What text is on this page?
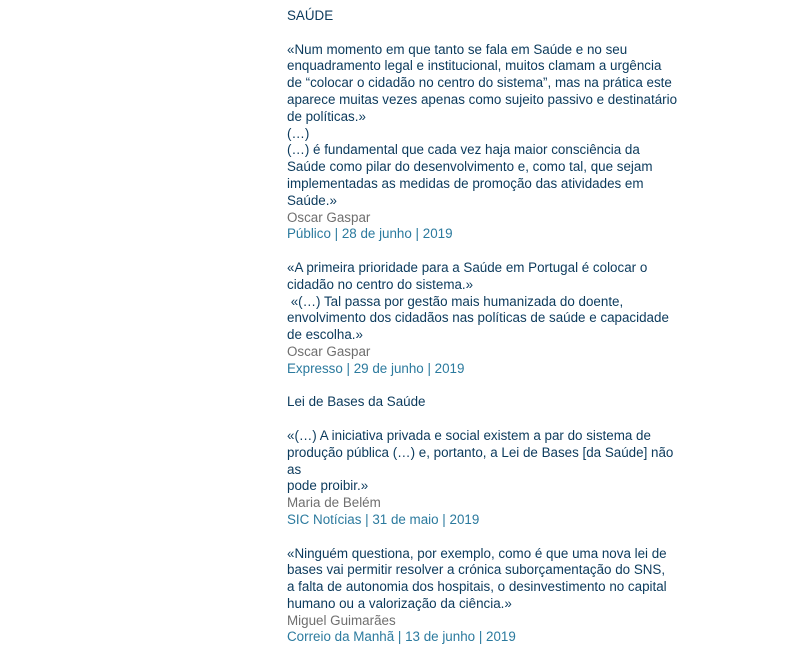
SAÚDE
«Num momento em que tanto se fala em Saúde e no seu
enquadramento legal e institucional, muitos clamam a urgência
de “colocar o cidadão no centro do sistema”, mas na prática este
aparece muitas vezes apenas como sujeito passivo e destinatário
de políticas.»
(…)
(…) é fundamental que cada vez haja maior consciência da
Saúde como pilar do desenvolvimento e, como tal, que sejam
implementadas as medidas de promoção das atividades em
Saúde.»
Oscar Gaspar
Público | 28 de junho | 2019
«A primeira prioridade para a Saúde em Portugal é colocar o
cidadão no centro do sistema.»
«(…) Tal passa por gestão mais humanizada do doente,
envolvimento dos cidadãos nas políticas de saúde e capacidade
de escolha.»
Oscar Gaspar
Expresso | 29 de junho | 2019
Lei de Bases da Saúde
«(…) A iniciativa privada e social existem a par do sistema de
produção pública (…) e, portanto, a Lei de Bases [da Saúde] não as
pode proibir.»
Maria de Belém
SIC Notícias | 31 de maio | 2019
«Ninguém questiona, por exemplo, como é que uma nova lei de
bases vai permitir resolver a crónica suborçamentação do SNS,
a falta de autonomia dos hospitais, o desinvestimento no capital
humano ou a valorização da ciência.»
Miguel Guimarães
Correio da Manhã | 13 de junho | 2019
